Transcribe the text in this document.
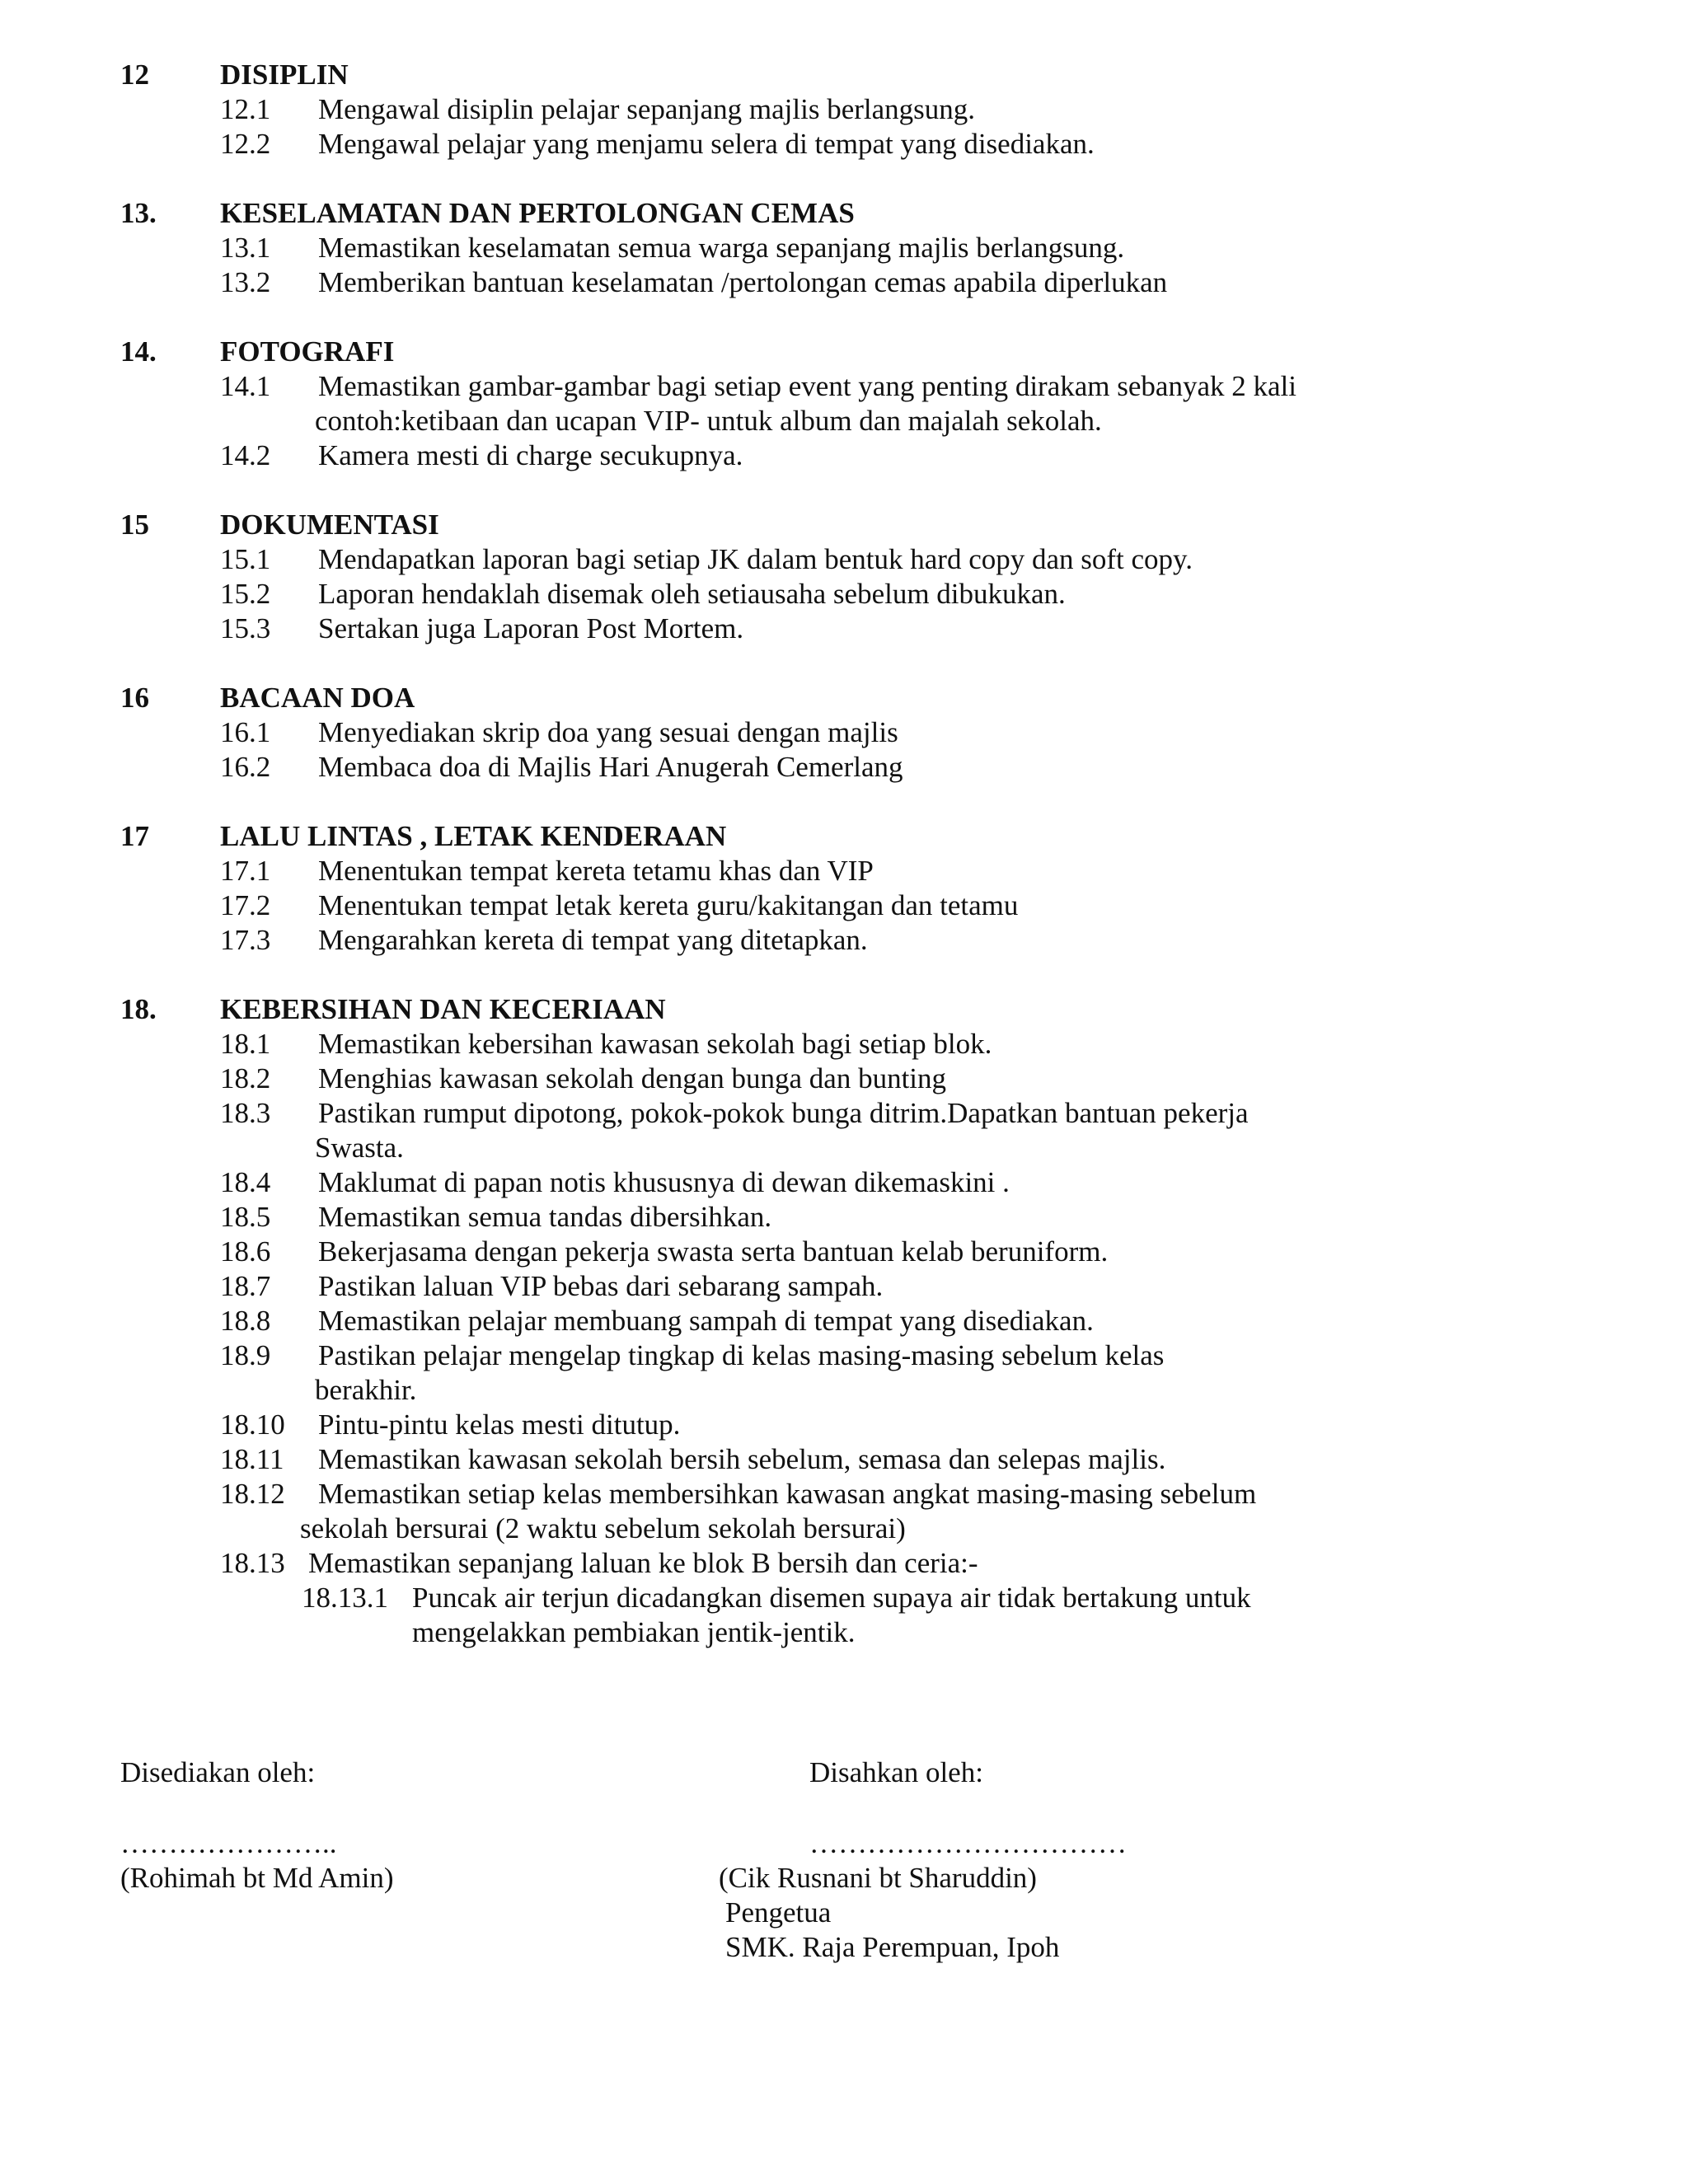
12 DISIPLIN
12.1 Mengawal disiplin pelajar sepanjang majlis berlangsung.
12.2 Mengawal pelajar yang menjamu selera di tempat yang disediakan.
13. KESELAMATAN DAN PERTOLONGAN CEMAS
13.1 Memastikan keselamatan semua warga sepanjang majlis berlangsung.
13.2 Memberikan bantuan keselamatan /pertolongan cemas apabila diperlukan
14. FOTOGRAFI
14.1 Memastikan gambar-gambar bagi setiap event yang penting dirakam sebanyak 2 kali
contoh:ketibaan dan ucapan VIP- untuk album dan majalah sekolah.
14.2 Kamera mesti di charge secukupnya.
15 DOKUMENTASI
15.1 Mendapatkan laporan bagi setiap JK dalam bentuk hard copy dan soft copy.
15.2 Laporan hendaklah disemak oleh setiausaha sebelum dibukukan.
15.3 Sertakan juga Laporan Post Mortem.
16 BACAAN DOA
16.1 Menyediakan skrip doa yang sesuai dengan majlis
16.2 Membaca doa di Majlis Hari Anugerah Cemerlang
17 LALU LINTAS , LETAK KENDERAAN
17.1 Menentukan tempat kereta tetamu khas dan VIP
17.2 Menentukan tempat letak kereta guru/kakitangan dan tetamu
17.3 Mengarahkan kereta di tempat yang ditetapkan.
18. KEBERSIHAN DAN KECERIAAN
18.1 Memastikan kebersihan kawasan sekolah bagi setiap blok.
18.2 Menghias kawasan sekolah dengan bunga dan bunting
18.3 Pastikan rumput dipotong, pokok-pokok bunga ditrim.Dapatkan bantuan pekerja
Swasta.
18.4 Maklumat di papan notis khususnya di dewan dikemaskini .
18.5 Memastikan semua tandas dibersihkan.
18.6 Bekerjasama dengan pekerja swasta serta bantuan kelab beruniform.
18.7 Pastikan laluan VIP bebas dari sebarang sampah.
18.8 Memastikan pelajar membuang sampah di tempat yang disediakan.
18.9 Pastikan pelajar mengelap tingkap di kelas masing-masing sebelum kelas
berakhir.
18.10 Pintu-pintu kelas mesti ditutup.
18.11 Memastikan kawasan sekolah bersih sebelum, semasa dan selepas majlis.
18.12 Memastikan setiap kelas membersihkan kawasan angkat masing-masing sebelum
sekolah bersurai (2 waktu sebelum sekolah bersurai)
18.13 Memastikan sepanjang laluan ke blok B bersih dan ceria:-
18.13.1 Puncak air terjun dicadangkan disemen supaya air tidak bertakung untuk
mengelakkan pembiakan jentik-jentik.
Disediakan oleh:	Disahkan oleh:
…………………..	……………………………
(Rohimah bt Md Amin)	(Cik Rusnani bt Sharuddin)
Pengetua
SMK. Raja Perempuan, Ipoh
